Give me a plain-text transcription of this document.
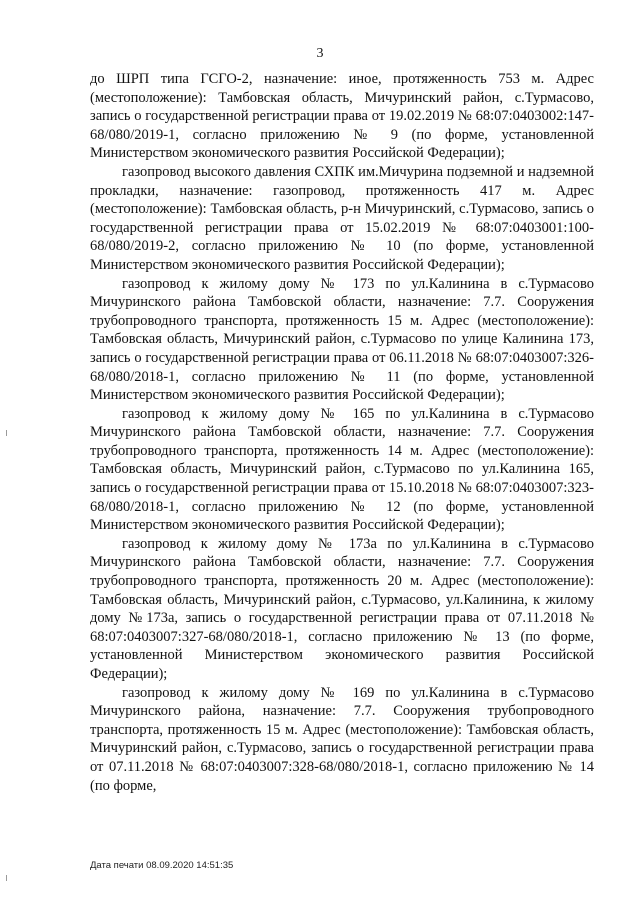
3

до ШРП типа ГСГО-2, назначение: иное, протяженность 753 м. Адрес (местоположение): Тамбовская область, Мичуринский район, с.Турмасово, запись о государственной регистрации права от 19.02.2019 № 68:07:0403002:147-68/080/2019-1, согласно приложению № 9 (по форме, установленной Министерством экономического развития Российской Федерации);

газопровод высокого давления СХПК им.Мичурина подземной и надземной прокладки, назначение: газопровод, протяженность 417 м. Адрес (местоположение): Тамбовская область, р-н Мичуринский, с.Турмасово, запись о государственной регистрации права от 15.02.2019 № 68:07:0403001:100-68/080/2019-2, согласно приложению № 10 (по форме, установленной Министерством экономического развития Российской Федерации);

газопровод к жилому дому № 173 по ул.Калинина в с.Турмасово Мичуринского района Тамбовской области, назначение: 7.7. Сооружения трубопроводного транспорта, протяженность 15 м. Адрес (местоположение): Тамбовская область, Мичуринский район, с.Турмасово по улице Калинина 173, запись о государственной регистрации права от 06.11.2018 № 68:07:0403007:326-68/080/2018-1, согласно приложению № 11 (по форме, установленной Министерством экономического развития Российской Федерации);

газопровод к жилому дому № 165 по ул.Калинина в с.Турмасово Мичуринского района Тамбовской области, назначение: 7.7. Сооружения трубопроводного транспорта, протяженность 14 м. Адрес (местоположение): Тамбовская область, Мичуринский район, с.Турмасово по ул.Калинина 165, запись о государственной регистрации права от 15.10.2018 № 68:07:0403007:323-68/080/2018-1, согласно приложению № 12 (по форме, установленной Министерством экономического развития Российской Федерации);

газопровод к жилому дому № 173а по ул.Калинина в с.Турмасово Мичуринского района Тамбовской области, назначение: 7.7. Сооружения трубопроводного транспорта, протяженность 20 м. Адрес (местоположение): Тамбовская область, Мичуринский район, с.Турмасово, ул.Калинина, к жилому дому №173а, запись о государственной регистрации права от 07.11.2018 № 68:07:0403007:327-68/080/2018-1, согласно приложению № 13 (по форме, установленной Министерством экономического развития Российской Федерации);

газопровод к жилому дому № 169 по ул.Калинина в с.Турмасово Мичуринского района, назначение: 7.7. Сооружения трубопроводного транспорта, протяженность 15 м. Адрес (местоположение): Тамбовская область, Мичуринский район, с.Турмасово, запись о государственной регистрации права от 07.11.2018 № 68:07:0403007:328-68/080/2018-1, согласно приложению № 14 (по форме,

Дата печати 08.09.2020 14:51:35
